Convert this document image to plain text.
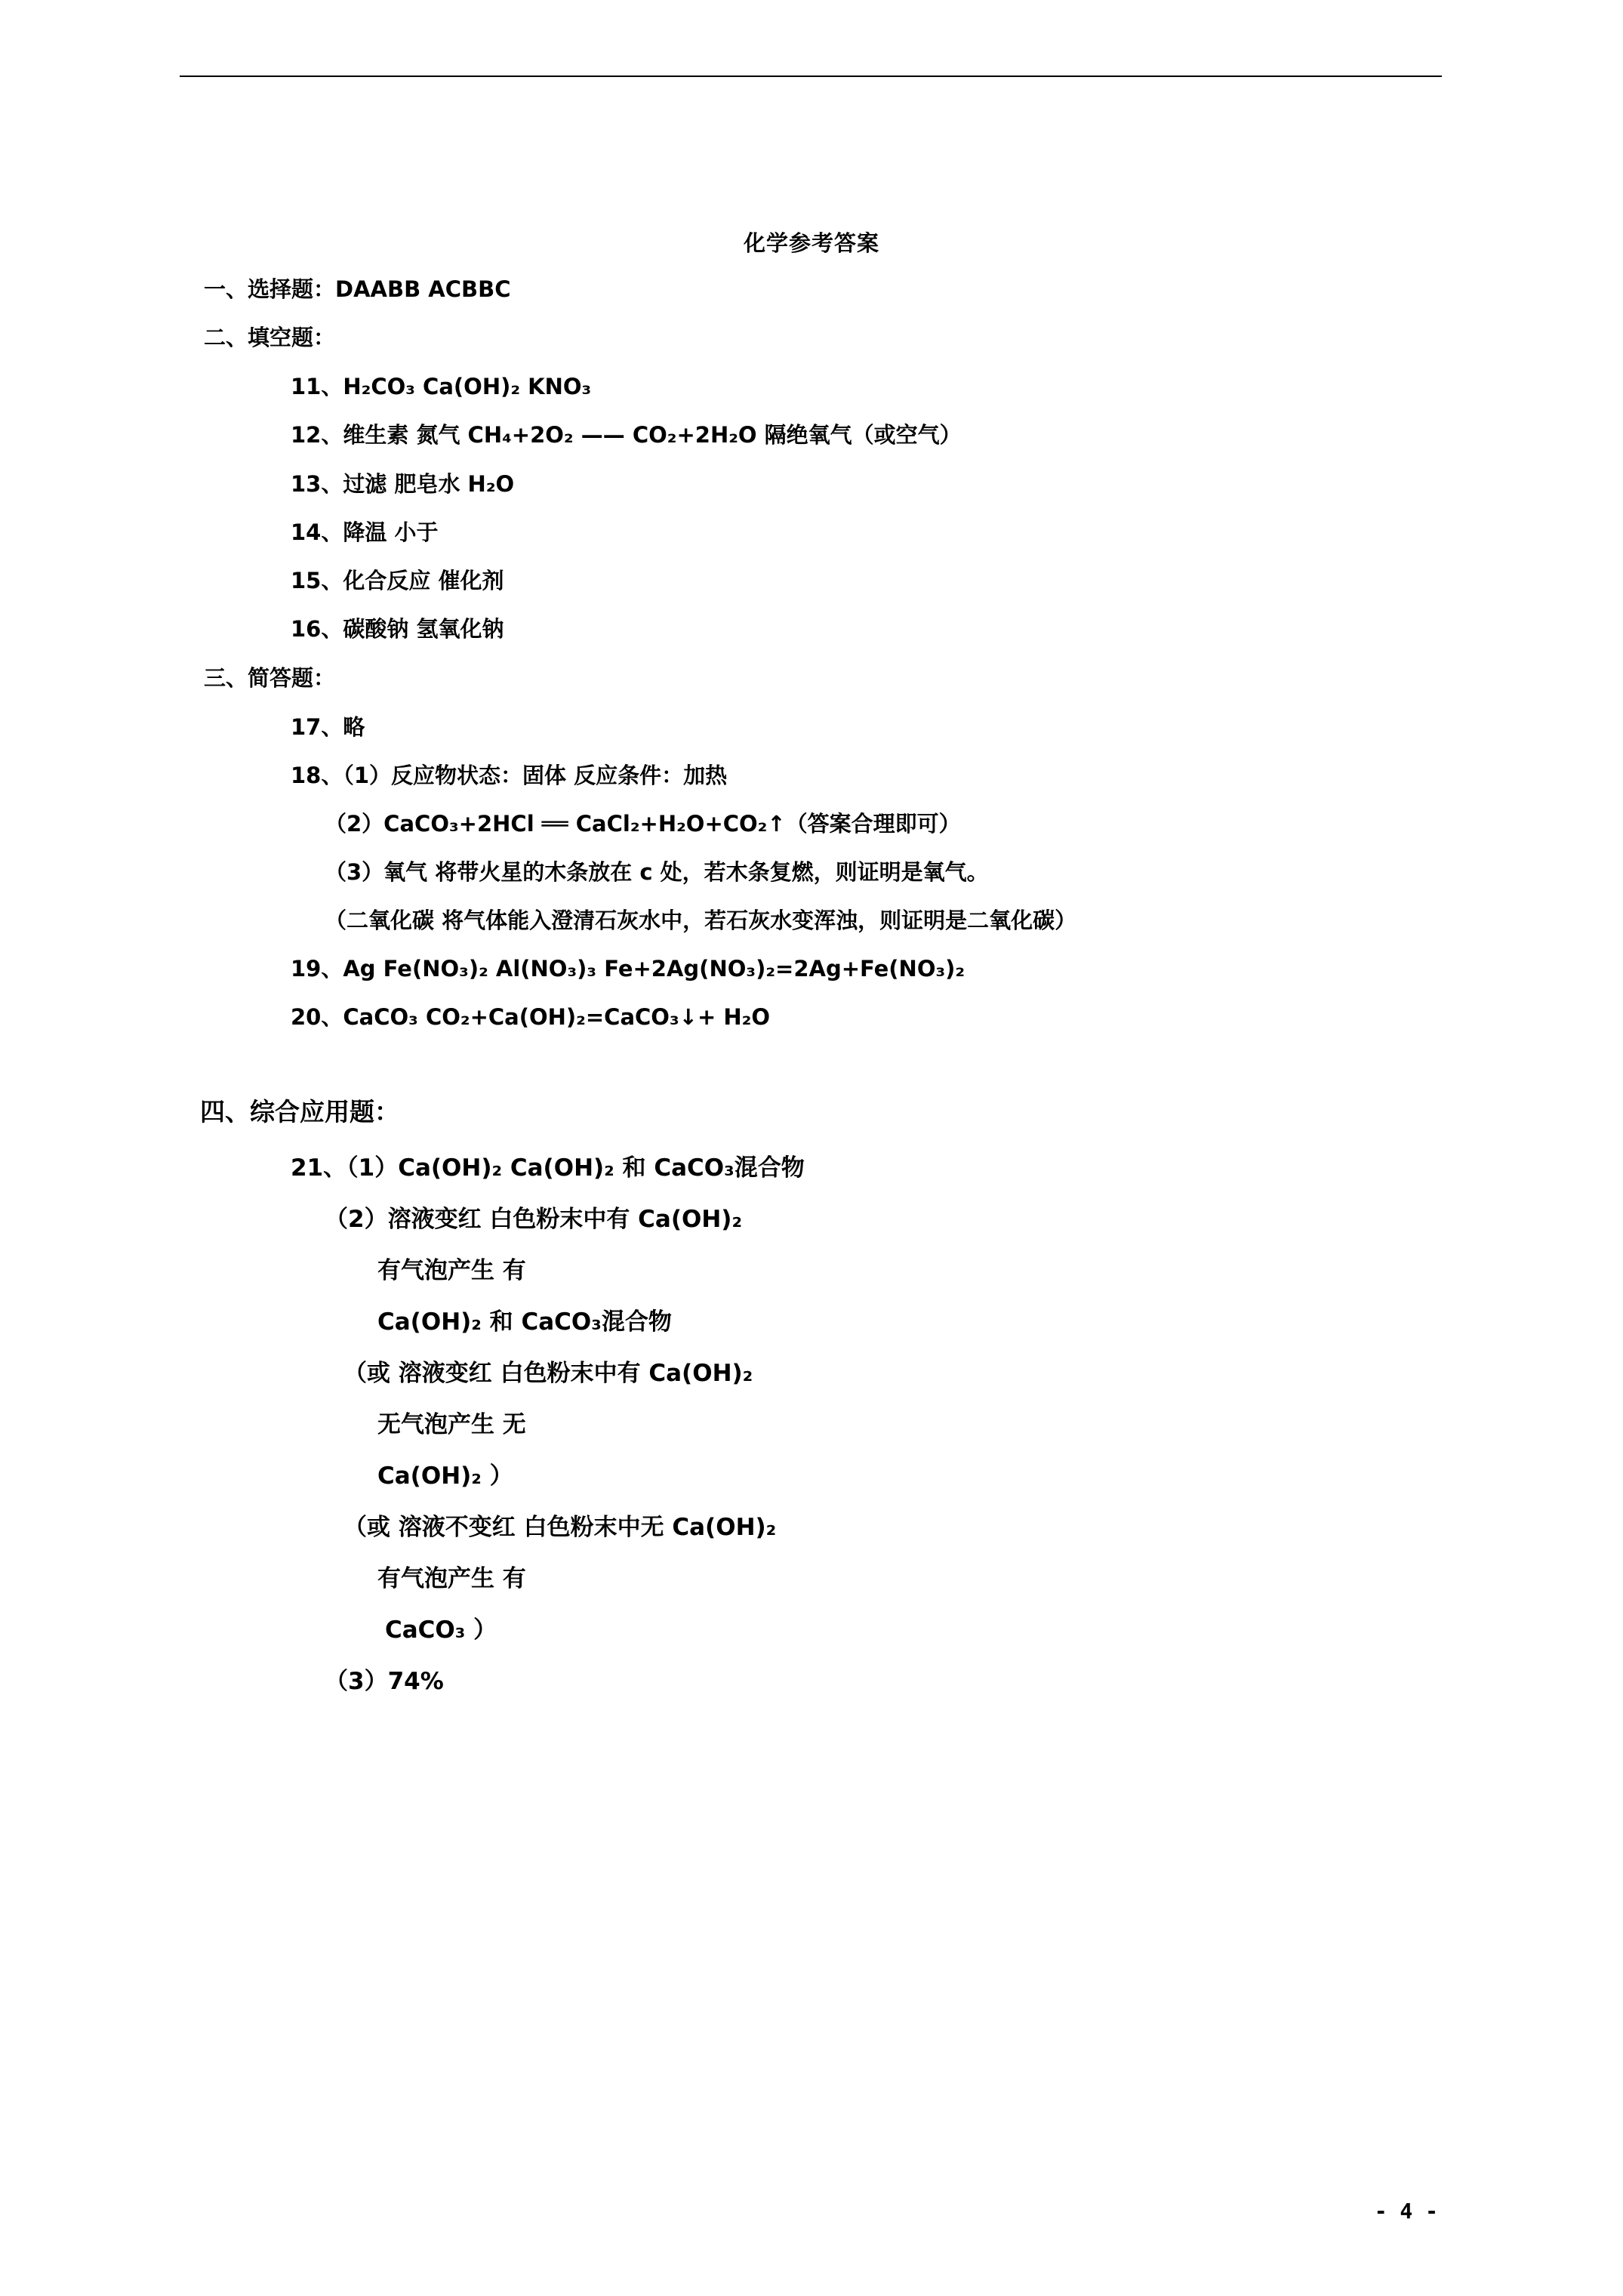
化学参考答案
一、选择题：DAABB ACBBC
二、填空题：
11、H₂CO₃ Ca(OH)₂ KNO₃
12、维生素 氮气 CH₄+2O₂ —— CO₂+2H₂O 隔绝氧气（或空气）
13、过滤 肥皂水 H₂O
14、降温 小于
15、化合反应 催化剂
16、碳酸钠 氢氧化钠
三、简答题：
17、略
18、（1）反应物状态：固体 反应条件：加热
（2）CaCO₃+2HCl ══ CaCl₂+H₂O+CO₂↑（答案合理即可）
（3）氧气 将带火星的木条放在 c 处，若木条复燃，则证明是氧气。
（二氧化碳 将气体能入澄清石灰水中，若石灰水变浑浊，则证明是二氧化碳）
19、Ag Fe(NO₃)₂ Al(NO₃)₃ Fe+2Ag(NO₃)₂=2Ag+Fe(NO₃)₂
20、CaCO₃ CO₂+Ca(OH)₂=CaCO₃↓+ H₂O
四、综合应用题：
21、（1）Ca(OH)₂ Ca(OH)₂ 和 CaCO₃混合物
（2）溶液变红 白色粉末中有 Ca(OH)₂
有气泡产生 有
Ca(OH)₂ 和 CaCO₃混合物
（或 溶液变红 白色粉末中有 Ca(OH)₂
无气泡产生 无
Ca(OH)₂ ）
（或 溶液不变红 白色粉末中无 Ca(OH)₂
有气泡产生 有
CaCO₃ ）
（3）74%
- 4 -
